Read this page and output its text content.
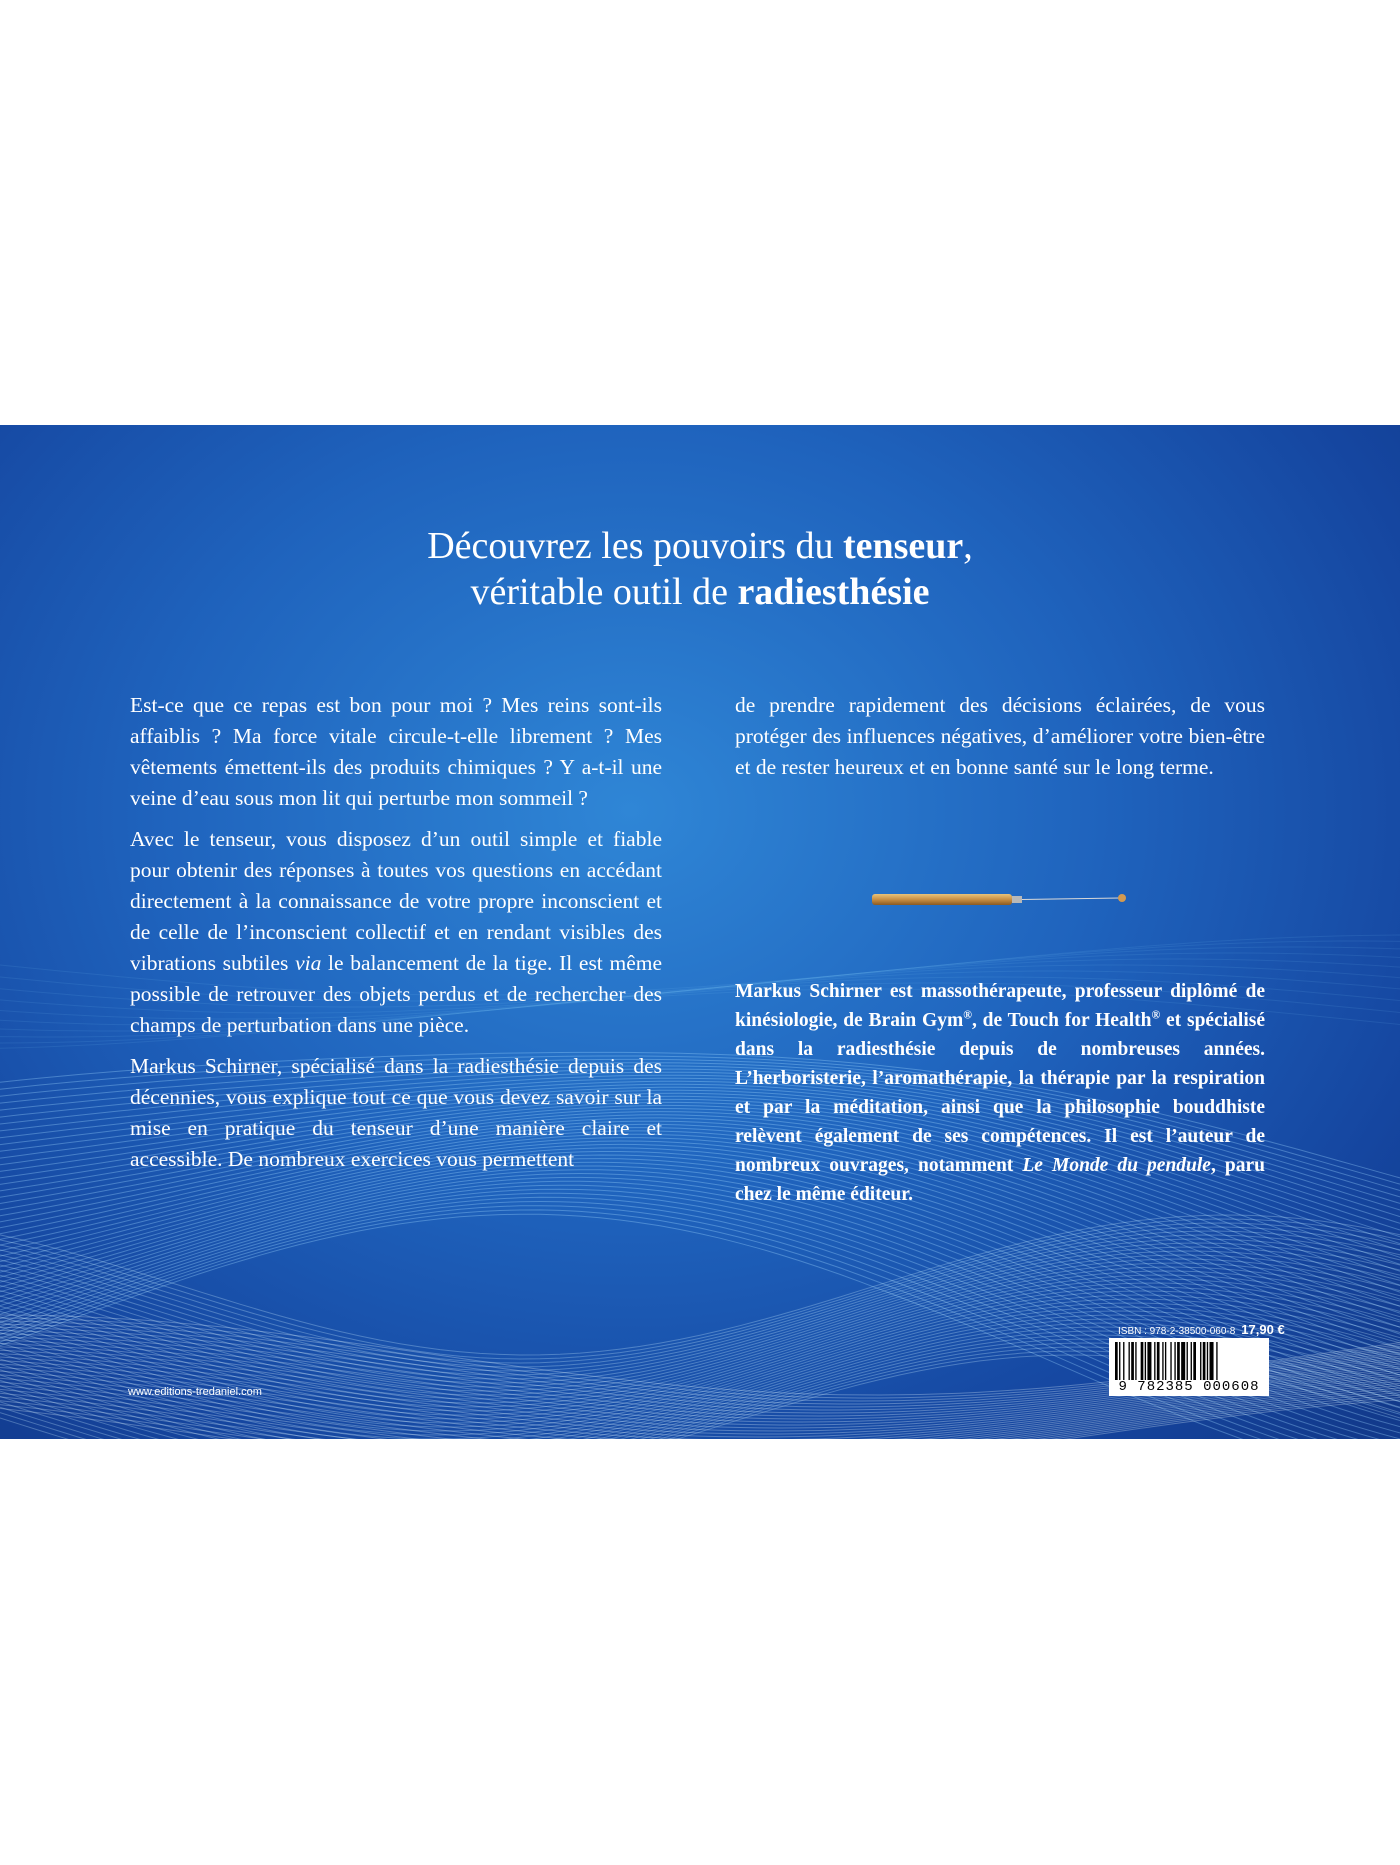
Découvrez les pouvoirs du tenseur,
véritable outil de radiesthésie

Est-ce que ce repas est bon pour moi ? Mes reins sont-ils affaiblis ? Ma force vitale circule-t-elle librement ? Mes vêtements émettent-ils des produits chimiques ? Y a-t-il une veine d’eau sous mon lit qui perturbe mon sommeil ?

Avec le tenseur, vous disposez d’un outil simple et fiable pour obtenir des réponses à toutes vos questions en accédant directement à la connaissance de votre propre inconscient et de celle de l’inconscient collectif et en rendant visibles des vibrations subtiles via le balancement de la tige. Il est même possible de retrouver des objets perdus et de rechercher des champs de perturbation dans une pièce.

Markus Schirner, spécialisé dans la radiesthésie depuis des décennies, vous explique tout ce que vous devez savoir sur la mise en pratique du tenseur d’une manière claire et accessible. De nombreux exercices vous permettent

de prendre rapidement des décisions éclairées, de vous protéger des influences négatives, d’améliorer votre bien-être et de rester heureux et en bonne santé sur le long terme.

Markus Schirner est massothérapeute, professeur diplômé de kinésiologie, de Brain Gym®, de Touch for Health® et spécialisé dans la radiesthésie depuis de nombreuses années. L’herboristerie, l’aromathérapie, la thérapie par la respiration et par la méditation, ainsi que la philosophie bouddhiste relèvent également de ses compétences. Il est l’auteur de nombreux ouvrages, notamment Le Monde du pendule, paru chez le même éditeur.
www.editions-tredaniel.com
ISBN : 978-2-38500-060-8 17,90 €
9 782385 000608
